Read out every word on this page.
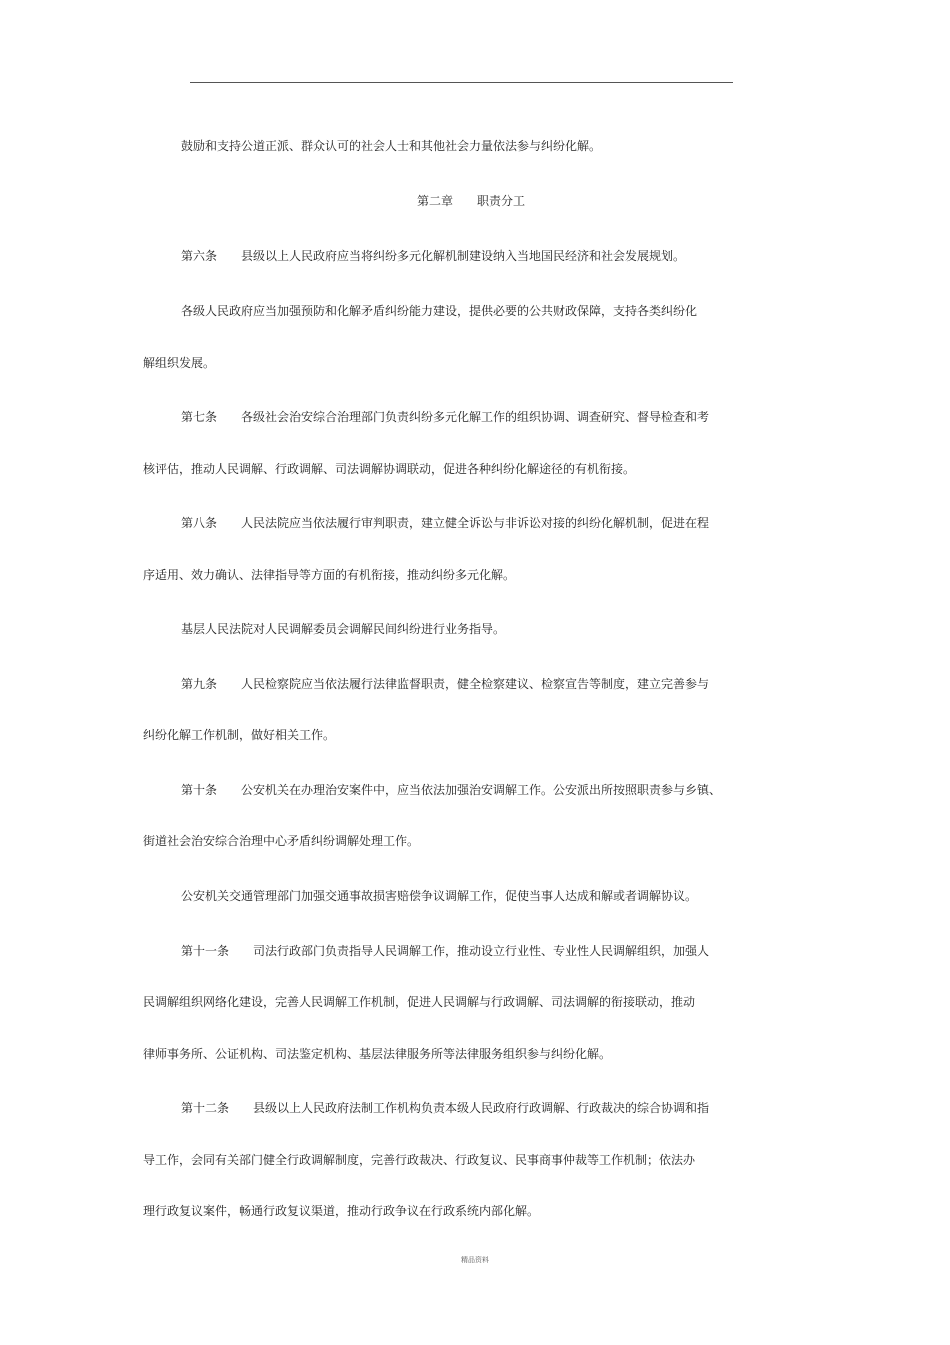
鼓励和支持公道正派、群众认可的社会人士和其他社会力量依法参与纠纷化解。
第二章 职责分工
第六条 县级以上人民政府应当将纠纷多元化解机制建设纳入当地国民经济和社会发展规划。
各级人民政府应当加强预防和化解矛盾纠纷能力建设，提供必要的公共财政保障，支持各类纠纷化
解组织发展。
第七条 各级社会治安综合治理部门负责纠纷多元化解工作的组织协调、调查研究、督导检查和考
核评估，推动人民调解、行政调解、司法调解协调联动，促进各种纠纷化解途径的有机衔接。
第八条 人民法院应当依法履行审判职责，建立健全诉讼与非诉讼对接的纠纷化解机制，促进在程
序适用、效力确认、法律指导等方面的有机衔接，推动纠纷多元化解。
基层人民法院对人民调解委员会调解民间纠纷进行业务指导。
第九条 人民检察院应当依法履行法律监督职责，健全检察建议、检察宣告等制度，建立完善参与
纠纷化解工作机制，做好相关工作。
第十条 公安机关在办理治安案件中，应当依法加强治安调解工作。公安派出所按照职责参与乡镇、
街道社会治安综合治理中心矛盾纠纷调解处理工作。
公安机关交通管理部门加强交通事故损害赔偿争议调解工作，促使当事人达成和解或者调解协议。
第十一条 司法行政部门负责指导人民调解工作，推动设立行业性、专业性人民调解组织，加强人
民调解组织网络化建设，完善人民调解工作机制，促进人民调解与行政调解、司法调解的衔接联动，推动
律师事务所、公证机构、司法鉴定机构、基层法律服务所等法律服务组织参与纠纷化解。
第十二条 县级以上人民政府法制工作机构负责本级人民政府行政调解、行政裁决的综合协调和指
导工作，会同有关部门健全行政调解制度，完善行政裁决、行政复议、民事商事仲裁等工作机制；依法办
理行政复议案件，畅通行政复议渠道，推动行政争议在行政系统内部化解。
精品资料
